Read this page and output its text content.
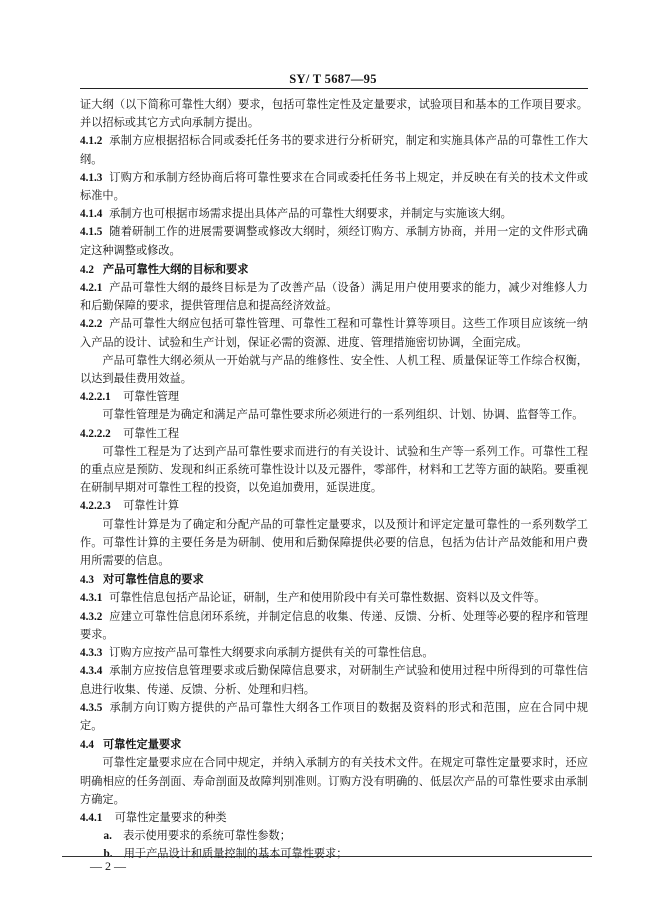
SY/ T 5687—95

证大纲（以下简称可靠性大纲）要求，包括可靠性定性及定量要求，试验项目和基本的工作项目要求。并以招标或其它方式向承制方提出。

4.1.2 承制方应根据招标合同或委托任务书的要求进行分析研究，制定和实施具体产品的可靠性工作大纲。

4.1.3 订购方和承制方经协商后将可靠性要求在合同或委托任务书上规定，并反映在有关的技术文件或标准中。

4.1.4 承制方也可根据市场需求提出具体产品的可靠性大纲要求，并制定与实施该大纲。

4.1.5 随着研制工作的进展需要调整或修改大纲时，须经订购方、承制方协商，并用一定的文件形式确定这种调整或修改。

4.2 产品可靠性大纲的目标和要求

4.2.1 产品可靠性大纲的最终目标是为了改善产品（设备）满足用户使用要求的能力，减少对维修人力和后勤保障的要求，提供管理信息和提高经济效益。

4.2.2 产品可靠性大纲应包括可靠性管理、可靠性工程和可靠性计算等项目。这些工作项目应该统一纳入产品的设计、试验和生产计划，保证必需的资源、进度、管理措施密切协调，全面完成。

产品可靠性大纲必须从一开始就与产品的维修性、安全性、人机工程、质量保证等工作综合权衡，以达到最佳费用效益。

4.2.2.1 可靠性管理

可靠性管理是为确定和满足产品可靠性要求所必须进行的一系列组织、计划、协调、监督等工作。

4.2.2.2 可靠性工程

可靠性工程是为了达到产品可靠性要求而进行的有关设计、试验和生产等一系列工作。可靠性工程的重点应是预防、发现和纠正系统可靠性设计以及元器件，零部件，材料和工艺等方面的缺陷。要重视在研制早期对可靠性工程的投资，以免追加费用，延误进度。

4.2.2.3 可靠性计算

可靠性计算是为了确定和分配产品的可靠性定量要求，以及预计和评定定量可靠性的一系列数学工作。可靠性计算的主要任务是为研制、使用和后勤保障提供必要的信息，包括为估计产品效能和用户费用所需要的信息。

4.3 对可靠性信息的要求

4.3.1 可靠性信息包括产品论证，研制，生产和使用阶段中有关可靠性数据、资料以及文件等。

4.3.2 应建立可靠性信息闭环系统，并制定信息的收集、传递、反馈、分析、处理等必要的程序和管理要求。

4.3.3 订购方应按产品可靠性大纲要求向承制方提供有关的可靠性信息。

4.3.4 承制方应按信息管理要求或后勤保障信息要求，对研制生产试验和使用过程中所得到的可靠性信息进行收集、传递、反馈、分析、处理和归档。

4.3.5 承制方向订购方提供的产品可靠性大纲各工作项目的数据及资料的形式和范围，应在合同中规定。

4.4 可靠性定量要求

可靠性定量要求应在合同中规定，并纳入承制方的有关技术文件。在规定可靠性定量要求时，还应明确相应的任务剖面、寿命剖面及故障判别准则。订购方没有明确的、低层次产品的可靠性要求由承制方确定。

4.4.1 可靠性定量要求的种类

a. 表示使用要求的系统可靠性参数；

b. 用于产品设计和质量控制的基本可靠性要求；

— 2 —
